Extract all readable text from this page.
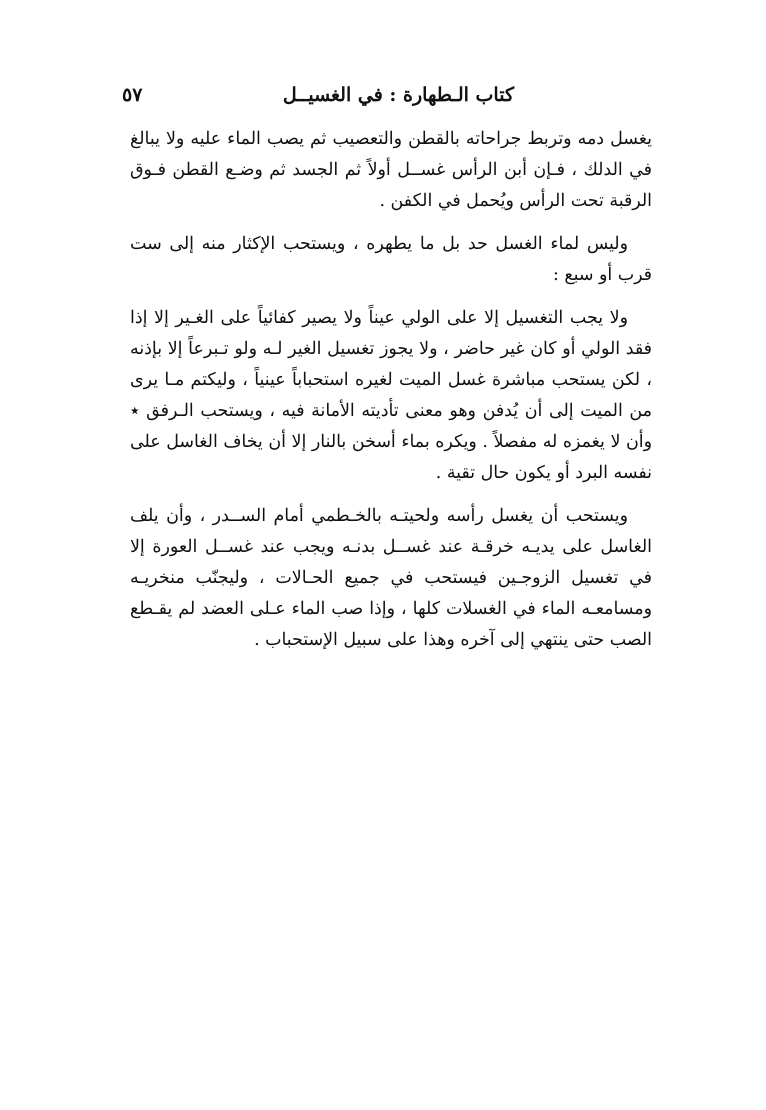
كتاب الـطهارة : في الغسيــل
٥٧

يغسل دمه وتربط جراحاته بالقطن والتعصيب ثم يصب الماء عليه ولا يبالغ في الدلك ، فـإن أبن الرأس غســل أولاً ثم الجسد ثم وضـع القطن فـوق الرقبة تحت الرأس ويُحمل في الكفن .

وليس لماء الغسل حد بل ما يطهره ، ويستحب الإكثار منه إلى ست قرب أو سبع :

ولا يجب التغسيل إلا على الولي عيناً ولا يصير كفائياً على الغـير إلا إذا فقد الولي أو كان غير حاضر ، ولا يجوز تغسيل الغير لـه ولو تـبرعاً إلا بإذنه ، لكن يستحب مباشرة غسل الميت لغيره استحباباً عينياً ، وليكتم مـا يرى من الميت إلى أن يُدفن وهو معنى تأديته الأمانة فيه ، ويستحب الـرفق ٭ وأن لا يغمزه له مفصلاً . ويكره بماء أسخن بالنار إلا أن يخاف الغاسل على نفسه البرد أو يكون حال تقية .

ويستحب أن يغسل رأسه ولحيتـه بالخـطمي أمام الســدر ، وأن يلف الغاسل على يديـه خرقـة عند غســل بدنـه ويجب عند غســل العورة إلا في تغسيل الزوجـين فيستحب في جميع الحـالات ، وليجنّب منخريـه ومسامعـه الماء في الغسلات كلها ، وإذا صب الماء عـلى العضد لم يقـطع الصب حتى ينتهي إلى آخره وهذا على سبيل الإستحباب .
